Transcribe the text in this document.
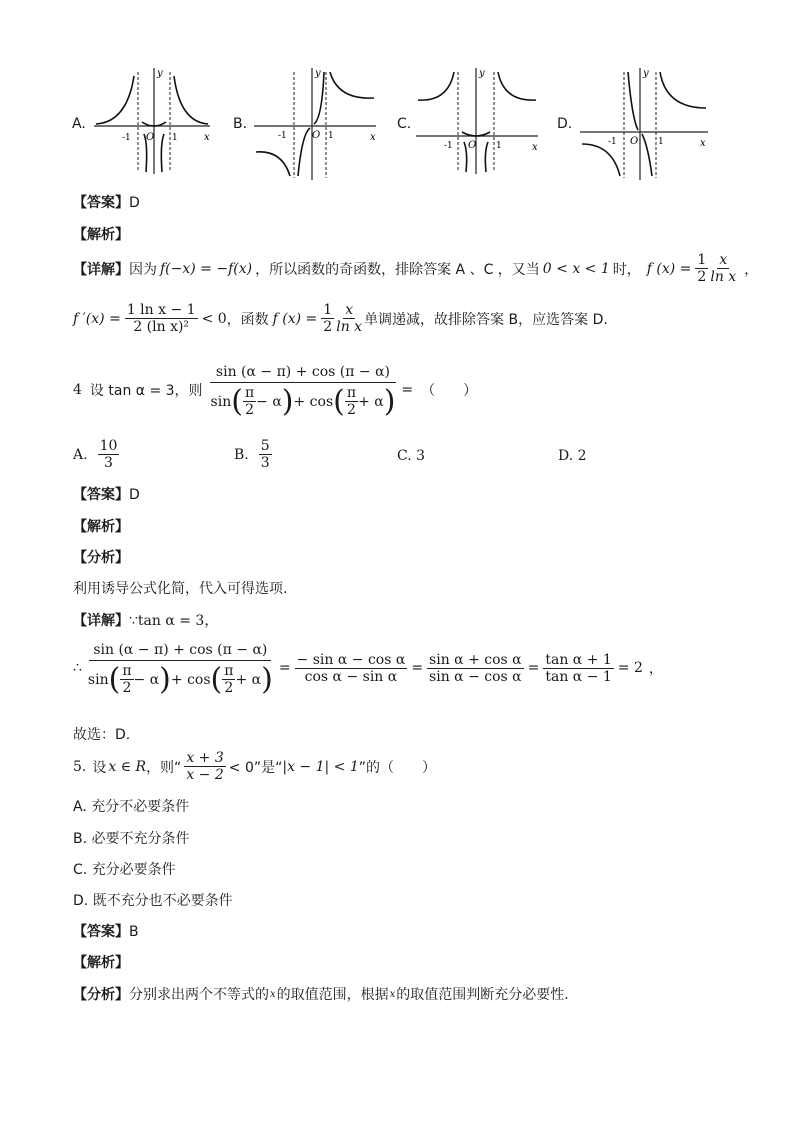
A.
y
x
-1	1
O
B.
y
x
-1	1
O
C.
y
x
-1	1
O
D.
y
x
-1	1
O
【答案】D
【解析】
【详解】 因为 f(−x) = −f(x) ，所以函数的奇函数，排除答案 A 、C ，又当 0 < x < 1 时， f $(x) = \frac{1}{2} \frac{x}{\text{ln x}}$ ，
f $'(x) = \frac{\text{1 ln x − 1}}{\text{2 (ln x)²}} < 0$ ，函数 f $(x) = \frac{1}{2} \frac{x}{\text{ln x}}$ 单调递减，故排除答案 B，应选答案 D.
4 设 tan α = 3，则
sin (α − π) + cos (π − α)
sin ( $\frac{\pi}{2} - \alpha$ ) + cos ( $\frac{\pi}{2} + \alpha$ ) = （　　）
A. $\frac{10}{3}$	B. $\frac{5}{3}$	C. 3	D. 2
【答案】D
【解析】
【分析】
利用诱导公式化简，代入可得选项.
【详解】 ∵tan α = 3，
∴
sin (α − π) + cos (π − α)
sin ( $\frac{\pi}{2} - \alpha$ ) + cos ( $\frac{\pi}{2} + \alpha$ ) = $\frac{\text{− sin α − cos α}}{\text{cos α − sin α}} = \frac{\text{sin α + cos α}}{\text{sin α − cos α}} = \frac{\text{tan α + 1}}{\text{tan α − 1}} = 2$ ，
故选：D.
5. 设 x ∈ R ，则“ $\frac{x + 3}{x - 2} < 0$”是“ |x − 1| < 1 ”的（　　）
A. 充分不必要条件
B. 必要不充分条件
C. 充分必要条件
D. 既不充分也不必要条件
【答案】B
【解析】
【分析】 分别求出两个不等式的 x 的取值范围，根据 x 的取值范围判断充分必要性.
